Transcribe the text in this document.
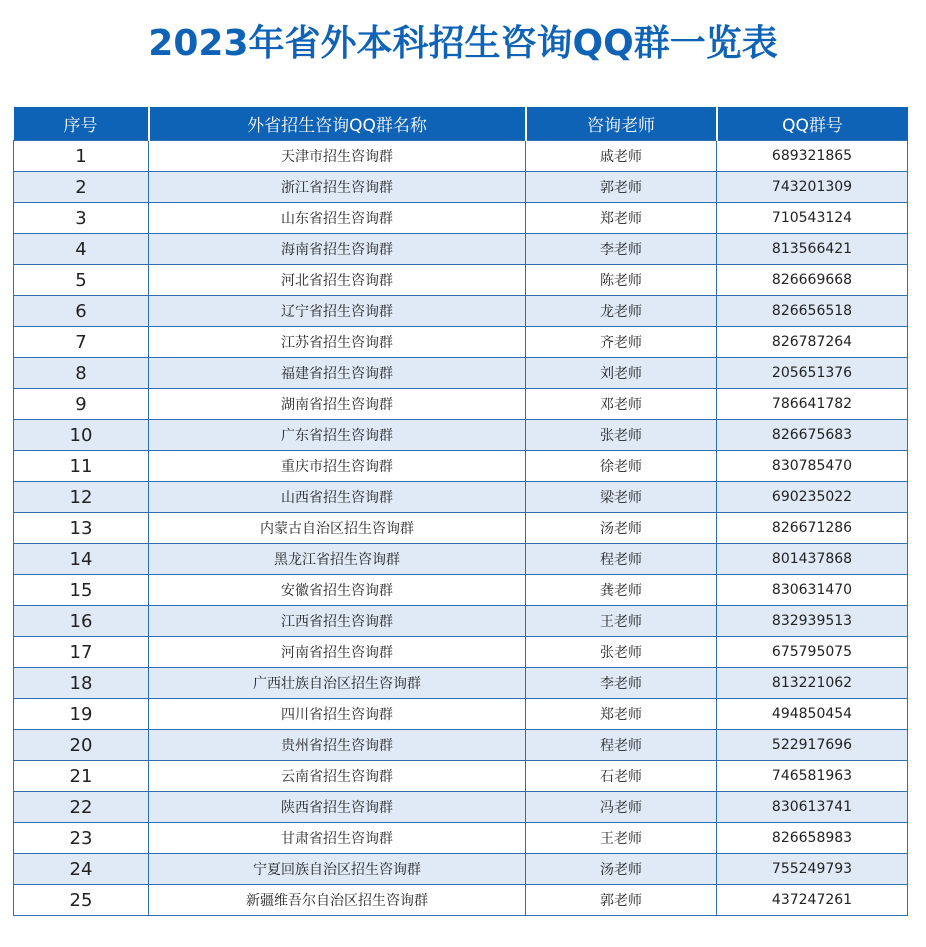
2023年省外本科招生咨询QQ群一览表
序号	外省招生咨询QQ群名称	咨询老师	QQ群号
1	天津市招生咨询群	戚老师	689321865
2	浙江省招生咨询群	郭老师	743201309
3	山东省招生咨询群	郑老师	710543124
4	海南省招生咨询群	李老师	813566421
5	河北省招生咨询群	陈老师	826669668
6	辽宁省招生咨询群	龙老师	826656518
7	江苏省招生咨询群	齐老师	826787264
8	福建省招生咨询群	刘老师	205651376
9	湖南省招生咨询群	邓老师	786641782
10	广东省招生咨询群	张老师	826675683
11	重庆市招生咨询群	徐老师	830785470
12	山西省招生咨询群	梁老师	690235022
13	内蒙古自治区招生咨询群	汤老师	826671286
14	黑龙江省招生咨询群	程老师	801437868
15	安徽省招生咨询群	龚老师	830631470
16	江西省招生咨询群	王老师	832939513
17	河南省招生咨询群	张老师	675795075
18	广西壮族自治区招生咨询群	李老师	813221062
19	四川省招生咨询群	郑老师	494850454
20	贵州省招生咨询群	程老师	522917696
21	云南省招生咨询群	石老师	746581963
22	陕西省招生咨询群	冯老师	830613741
23	甘肃省招生咨询群	王老师	826658983
24	宁夏回族自治区招生咨询群	汤老师	755249793
25	新疆维吾尔自治区招生咨询群	郭老师	437247261
